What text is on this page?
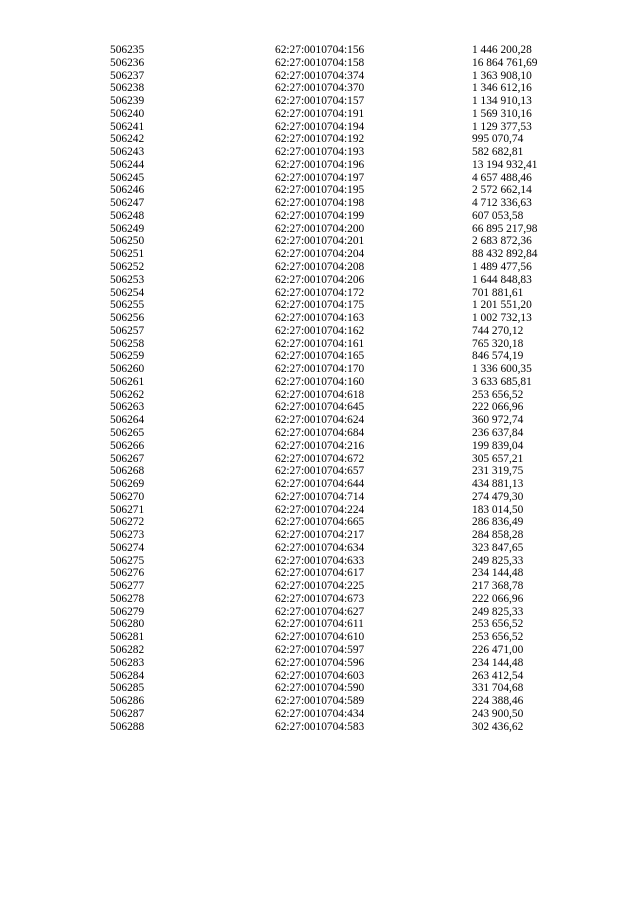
506235	62:27:0010704:156	1 446 200,28
506236	62:27:0010704:158	16 864 761,69
506237	62:27:0010704:374	1 363 908,10
506238	62:27:0010704:370	1 346 612,16
506239	62:27:0010704:157	1 134 910,13
506240	62:27:0010704:191	1 569 310,16
506241	62:27:0010704:194	1 129 377,53
506242	62:27:0010704:192	995 070,74
506243	62:27:0010704:193	582 682,81
506244	62:27:0010704:196	13 194 932,41
506245	62:27:0010704:197	4 657 488,46
506246	62:27:0010704:195	2 572 662,14
506247	62:27:0010704:198	4 712 336,63
506248	62:27:0010704:199	607 053,58
506249	62:27:0010704:200	66 895 217,98
506250	62:27:0010704:201	2 683 872,36
506251	62:27:0010704:204	88 432 892,84
506252	62:27:0010704:208	1 489 477,56
506253	62:27:0010704:206	1 644 848,83
506254	62:27:0010704:172	701 881,61
506255	62:27:0010704:175	1 201 551,20
506256	62:27:0010704:163	1 002 732,13
506257	62:27:0010704:162	744 270,12
506258	62:27:0010704:161	765 320,18
506259	62:27:0010704:165	846 574,19
506260	62:27:0010704:170	1 336 600,35
506261	62:27:0010704:160	3 633 685,81
506262	62:27:0010704:618	253 656,52
506263	62:27:0010704:645	222 066,96
506264	62:27:0010704:624	360 972,74
506265	62:27:0010704:684	236 637,84
506266	62:27:0010704:216	199 839,04
506267	62:27:0010704:672	305 657,21
506268	62:27:0010704:657	231 319,75
506269	62:27:0010704:644	434 881,13
506270	62:27:0010704:714	274 479,30
506271	62:27:0010704:224	183 014,50
506272	62:27:0010704:665	286 836,49
506273	62:27:0010704:217	284 858,28
506274	62:27:0010704:634	323 847,65
506275	62:27:0010704:633	249 825,33
506276	62:27:0010704:617	234 144,48
506277	62:27:0010704:225	217 368,78
506278	62:27:0010704:673	222 066,96
506279	62:27:0010704:627	249 825,33
506280	62:27:0010704:611	253 656,52
506281	62:27:0010704:610	253 656,52
506282	62:27:0010704:597	226 471,00
506283	62:27:0010704:596	234 144,48
506284	62:27:0010704:603	263 412,54
506285	62:27:0010704:590	331 704,68
506286	62:27:0010704:589	224 388,46
506287	62:27:0010704:434	243 900,50
506288	62:27:0010704:583	302 436,62
